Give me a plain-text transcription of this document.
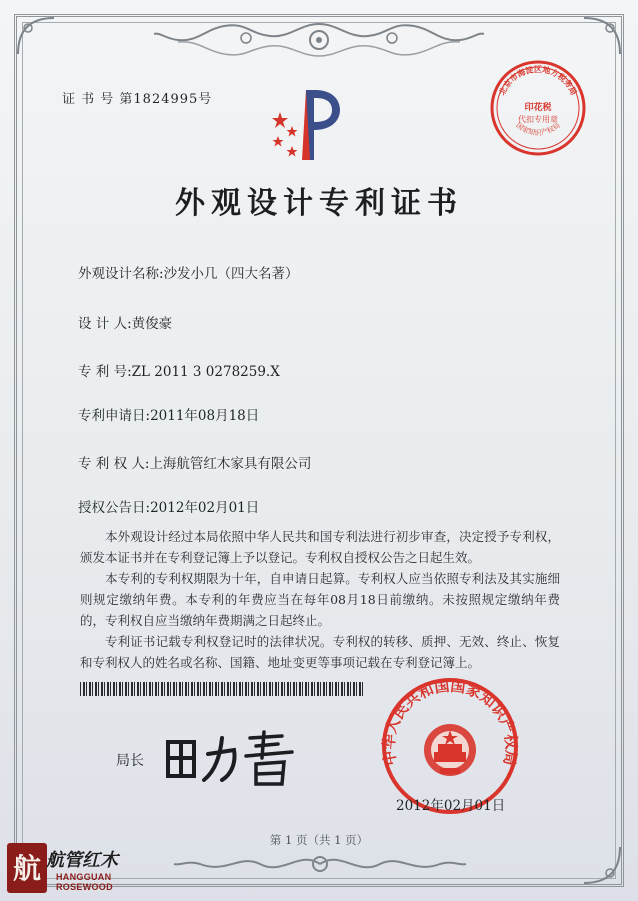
证 书 号 第1824995号
外观设计专利证书
外观设计名称:沙发小几（四大名著）
设 计 人:黄俊豪
专 利 号:ZL 2011 3 0278259.X
专利申请日:2011年08月18日
专 利 权 人:上海航管红木家具有限公司
授权公告日:2012年02月01日

本外观设计经过本局依照中华人民共和国专利法进行初步审查，决定授予专利权，颁发本证书并在专利登记簿上予以登记。专利权自授权公告之日起生效。

本专利的专利权期限为十年，自申请日起算。专利权人应当依照专利法及其实施细则规定缴纳年费。本专利的年费应当在每年08月18日前缴纳。未按照规定缴纳年费的，专利权自应当缴纳年费期满之日起终止。

专利证书记载专利权登记时的法律状况。专利权的转移、质押、无效、终止、恢复和专利权人的姓名或名称、国籍、地址变更等事项记载在专利登记簿上。

北京市海淀区地方税务局
印花税
代扣专用章
国家知识产权局
局长	中华人民共和国国家知识产权局
2012年02月01日
第 1 页（共 1 页）
航 航管红木
HANGGUAN
ROSEWOOD
